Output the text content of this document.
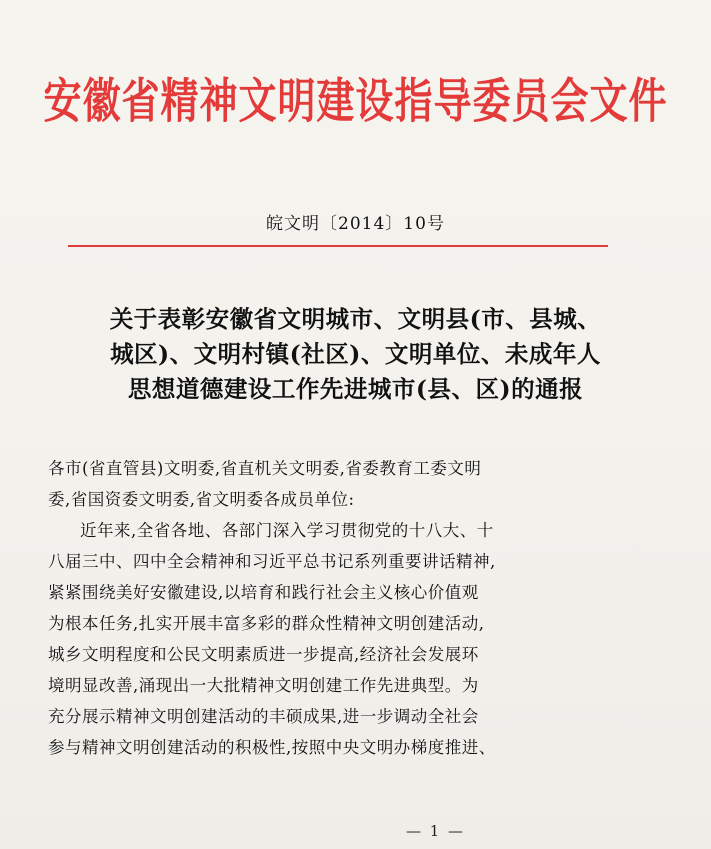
安徽省精神文明建设指导委员会文件
皖文明〔2014〕10号
关于表彰安徽省文明城市、文明县(市、县城、
城区)、文明村镇(社区)、文明单位、未成年人
思想道德建设工作先进城市(县、区)的通报
各市(省直管县)文明委,省直机关文明委,省委教育工委文明
委,省国资委文明委,省文明委各成员单位:
近年来,全省各地、各部门深入学习贯彻党的十八大、十
八届三中、四中全会精神和习近平总书记系列重要讲话精神,
紧紧围绕美好安徽建设,以培育和践行社会主义核心价值观
为根本任务,扎实开展丰富多彩的群众性精神文明创建活动,
城乡文明程度和公民文明素质进一步提高,经济社会发展环
境明显改善,涌现出一大批精神文明创建工作先进典型。为
充分展示精神文明创建活动的丰硕成果,进一步调动全社会
参与精神文明创建活动的积极性,按照中央文明办梯度推进、
— 1 —
